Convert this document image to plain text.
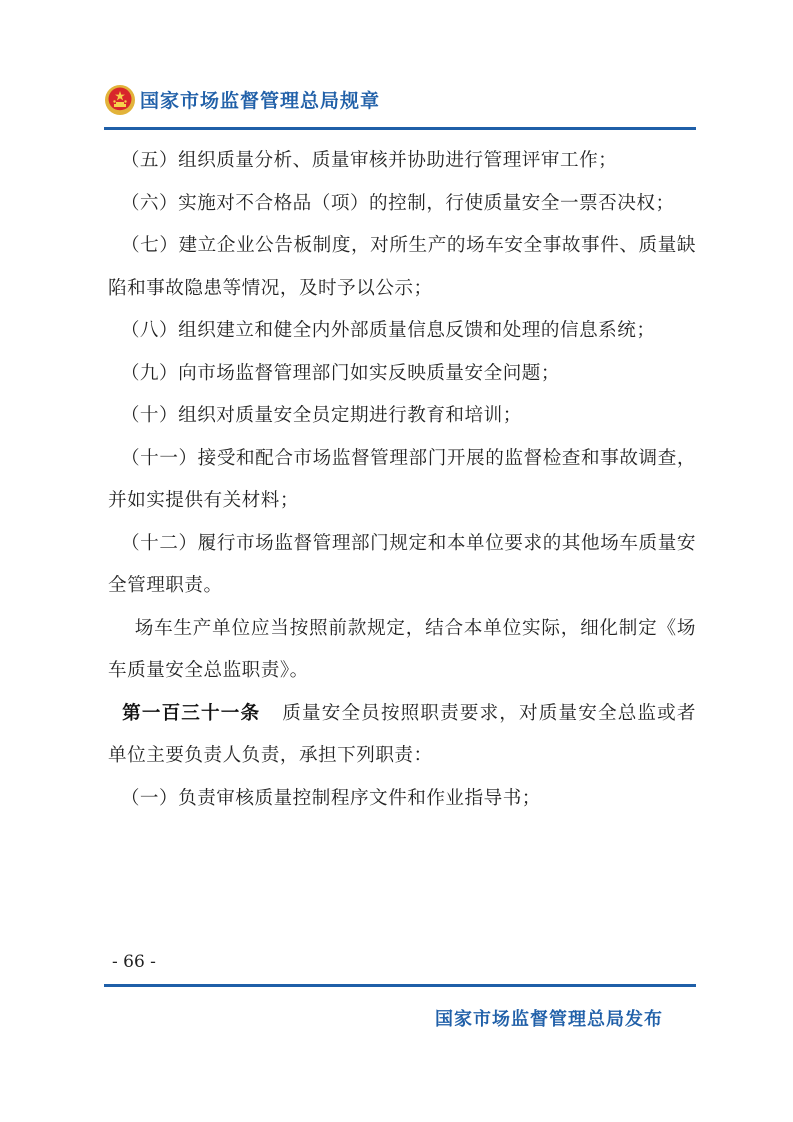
国家市场监督管理总局规章

（五）组织质量分析、质量审核并协助进行管理评审工作；

（六）实施对不合格品（项）的控制，行使质量安全一票否决权；

（七）建立企业公告板制度，对所生产的场车安全事故事件、质量缺陷和事故隐患等情况，及时予以公示；

（八）组织建立和健全内外部质量信息反馈和处理的信息系统；

（九）向市场监督管理部门如实反映质量安全问题；

（十）组织对质量安全员定期进行教育和培训；

（十一）接受和配合市场监督管理部门开展的监督检查和事故调查，并如实提供有关材料；

（十二）履行市场监督管理部门规定和本单位要求的其他场车质量安全管理职责。

场车生产单位应当按照前款规定，结合本单位实际，细化制定《场车质量安全总监职责》。

第一百三十一条 质量安全员按照职责要求，对质量安全总监或者单位主要负责人负责，承担下列职责：

（一）负责审核质量控制程序文件和作业指导书；

- 66 -
国家市场监督管理总局发布
